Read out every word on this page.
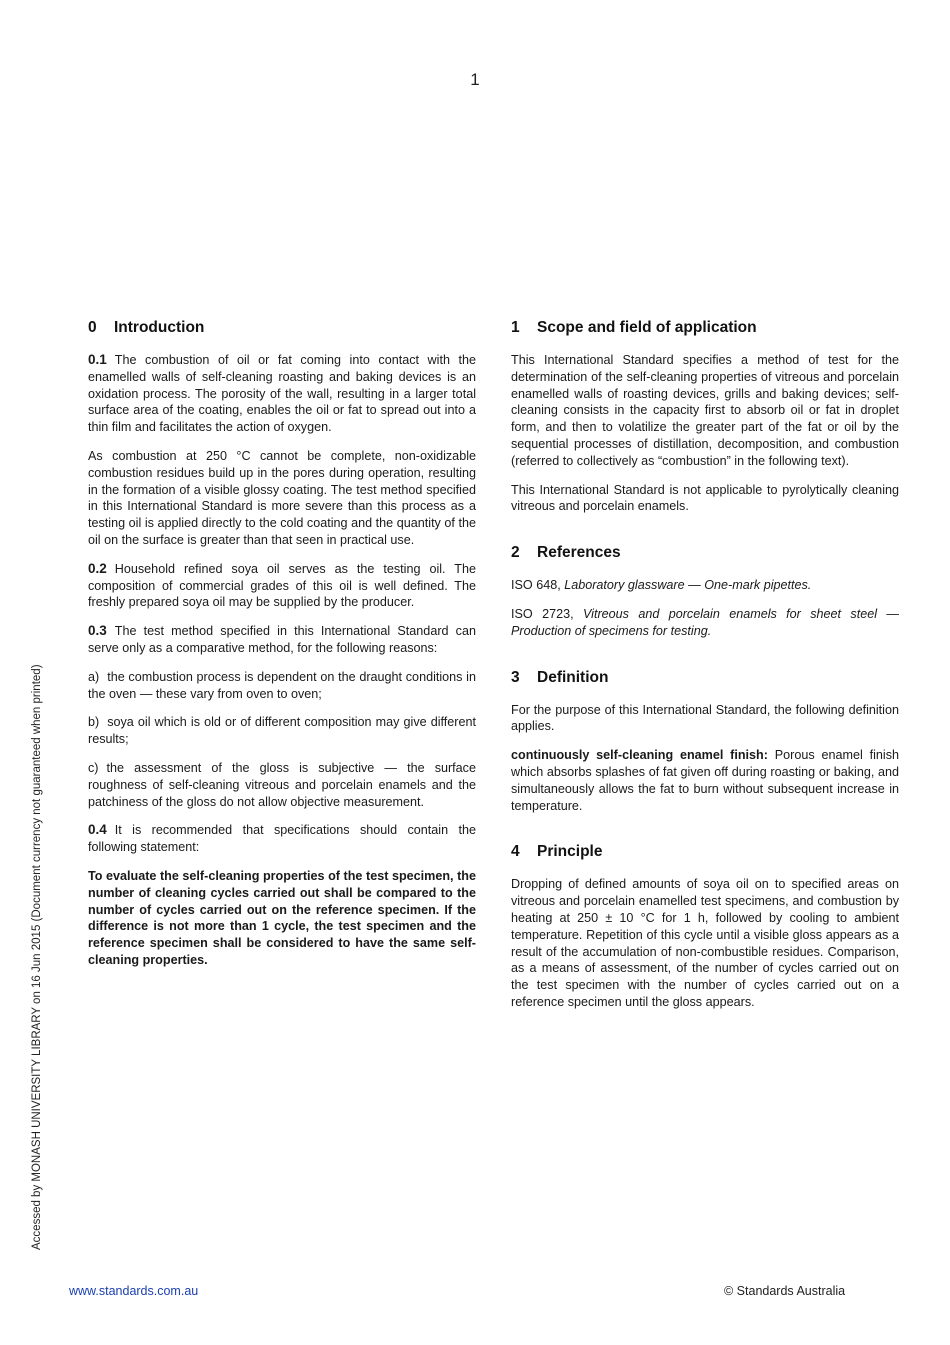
1
Accessed by MONASH UNIVERSITY LIBRARY on 16 Jun 2015 (Document currency not guaranteed when printed)
0 Introduction

0.1 The combustion of oil or fat coming into contact with the enamelled walls of self-cleaning roasting and baking devices is an oxidation process. The porosity of the wall, resulting in a larger total surface area of the coating, enables the oil or fat to spread out into a thin film and facilitates the action of oxygen.

As combustion at 250 °C cannot be complete, non-oxidizable combustion residues build up in the pores during operation, resulting in the formation of a visible glossy coating. The test method specified in this International Standard is more severe than this process as a testing oil is applied directly to the cold coating and the quantity of the oil on the surface is greater than that seen in practical use.

0.2 Household refined soya oil serves as the testing oil. The composition of commercial grades of this oil is well defined. The freshly prepared soya oil may be supplied by the producer.

0.3 The test method specified in this International Standard can serve only as a comparative method, for the following reasons:

a) the combustion process is dependent on the draught conditions in the oven — these vary from oven to oven;

b) soya oil which is old or of different composition may give different results;

c) the assessment of the gloss is subjective — the surface roughness of self-cleaning vitreous and porcelain enamels and the patchiness of the gloss do not allow objective measurement.

0.4 It is recommended that specifications should contain the following statement:

To evaluate the self-cleaning properties of the test specimen, the number of cleaning cycles carried out shall be compared to the number of cycles carried out on the reference specimen. If the difference is not more than 1 cycle, the test specimen and the reference specimen shall be considered to have the same self-cleaning properties.

1 Scope and field of application

This International Standard specifies a method of test for the determination of the self-cleaning properties of vitreous and porcelain enamelled walls of roasting devices, grills and baking devices; self-cleaning consists in the capacity first to absorb oil or fat in droplet form, and then to volatilize the greater part of the fat or oil by the sequential processes of distillation, decomposition, and combustion (referred to collectively as “combustion” in the following text).

This International Standard is not applicable to pyrolytically cleaning vitreous and porcelain enamels.

2 References

ISO 648, Laboratory glassware — One-mark pipettes.

ISO 2723, Vitreous and porcelain enamels for sheet steel — Production of specimens for testing.

3 Definition

For the purpose of this International Standard, the following definition applies.

continuously self-cleaning enamel finish: Porous enamel finish which absorbs splashes of fat given off during roasting or baking, and simultaneously allows the fat to burn without subsequent increase in temperature.

4 Principle

Dropping of defined amounts of soya oil on to specified areas on vitreous and porcelain enamelled test specimens, and combustion by heating at 250 ± 10 °C for 1 h, followed by cooling to ambient temperature. Repetition of this cycle until a visible gloss appears as a result of the accumulation of non-combustible residues. Comparison, as a means of assessment, of the number of cycles carried out on the test specimen with the number of cycles carried out on a reference specimen until the gloss appears.

www.standards.com.au	© Standards Australia
